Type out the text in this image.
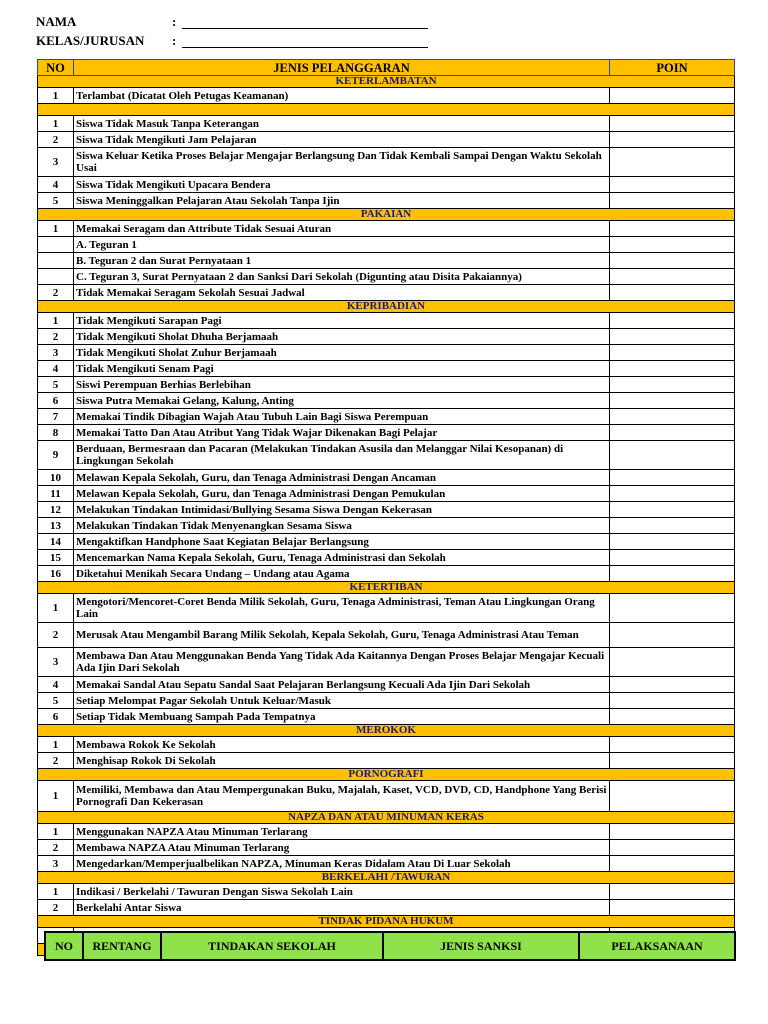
NAMA	:
KELAS/JURUSAN :
NO	JENIS PELANGGARAN	POIN
KETERLAMBATAN		
1	Terlambat (Dicatat Oleh Petugas Keamanan)	

1	Siswa Tidak Masuk Tanpa Keterangan	
2	Siswa Tidak Mengikuti Jam Pelajaran	
3	Siswa Keluar Ketika Proses Belajar Mengajar Berlangsung Dan Tidak Kembali Sampai Dengan Waktu Sekolah Usai	
4	Siswa Tidak Mengikuti Upacara Bendera	
5	Siswa Meninggalkan Pelajaran Atau Sekolah Tanpa Ijin	
PAKAIAN		
1	Memakai Seragam dan Attribute Tidak Sesuai Aturan	
	A. Teguran 1	
	B. Teguran 2 dan Surat Pernyataan 1	
	C. Teguran 3, Surat Pernyataan 2 dan Sanksi Dari Sekolah (Digunting atau Disita Pakaiannya)	
2	Tidak Memakai Seragam Sekolah Sesuai Jadwal	
KEPRIBADIAN		
1	Tidak Mengikuti Sarapan Pagi	
2	Tidak Mengikuti Sholat Dhuha Berjamaah	
3	Tidak Mengikuti Sholat Zuhur Berjamaah	
4	Tidak Mengikuti Senam Pagi	
5	Siswi Perempuan Berhias Berlebihan	
6	Siswa Putra Memakai Gelang, Kalung, Anting	
7	Memakai Tindik Dibagian Wajah Atau Tubuh Lain Bagi Siswa Perempuan	
8	Memakai Tatto Dan Atau Atribut Yang Tidak Wajar Dikenakan Bagi Pelajar	
9	Berduaan, Bermesraan dan Pacaran (Melakukan Tindakan Asusila dan Melanggar Nilai Kesopanan) di Lingkungan Sekolah	
10	Melawan Kepala Sekolah, Guru, dan Tenaga Administrasi Dengan Ancaman	
11	Melawan Kepala Sekolah, Guru, dan Tenaga Administrasi Dengan Pemukulan	
12	Melakukan Tindakan Intimidasi/Bullying Sesama Siswa Dengan Kekerasan	
13	Melakukan Tindakan Tidak Menyenangkan Sesama Siswa	
14	Mengaktifkan Handphone Saat Kegiatan Belajar Berlangsung	
15	Mencemarkan Nama Kepala Sekolah, Guru, Tenaga Administrasi dan Sekolah	
16	Diketahui Menikah Secara Undang – Undang atau Agama	
KETERTIBAN		
1	Mengotori/Mencoret-Coret Benda Milik Sekolah, Guru, Tenaga Administrasi, Teman Atau Lingkungan Orang Lain	
2	Merusak Atau Mengambil Barang Milik Sekolah, Kepala Sekolah, Guru, Tenaga Administrasi Atau Teman	
3	Membawa Dan Atau Menggunakan Benda Yang Tidak Ada Kaitannya Dengan Proses Belajar Mengajar Kecuali Ada Ijin Dari Sekolah	
4	Memakai Sandal Atau Sepatu Sandal Saat Pelajaran Berlangsung Kecuali Ada Ijin Dari Sekolah	
5	Setiap Melompat Pagar Sekolah Untuk Keluar/Masuk	
6	Setiap Tidak Membuang Sampah Pada Tempatnya	
MEROKOK		
1	Membawa Rokok Ke Sekolah	
2	Menghisap Rokok Di Sekolah	
PORNOGRAFI		
1	Memiliki, Membawa dan Atau Mempergunakan Buku, Majalah, Kaset, VCD, DVD, CD, Handphone Yang Berisi Pornografi Dan Kekerasan	
NAPZA DAN ATAU MINUMAN KERAS		
1	Menggunakan NAPZA Atau Minuman Terlarang	
2	Membawa NAPZA Atau Minuman Terlarang	
3	Mengedarkan/Memperjualbelikan NAPZA, Minuman Keras Didalam Atau Di Luar Sekolah	
BERKELAHI /TAWURAN		
1	Indikasi / Berkelahi / Tawuran Dengan Siswa Sekolah Lain	
2	Berkelahi Antar Siswa	
TINDAK PIDANA HUKUM		

NO	RENTANG	TINDAKAN SEKOLAH	JENIS SANKSI	PELAKSANAAN
